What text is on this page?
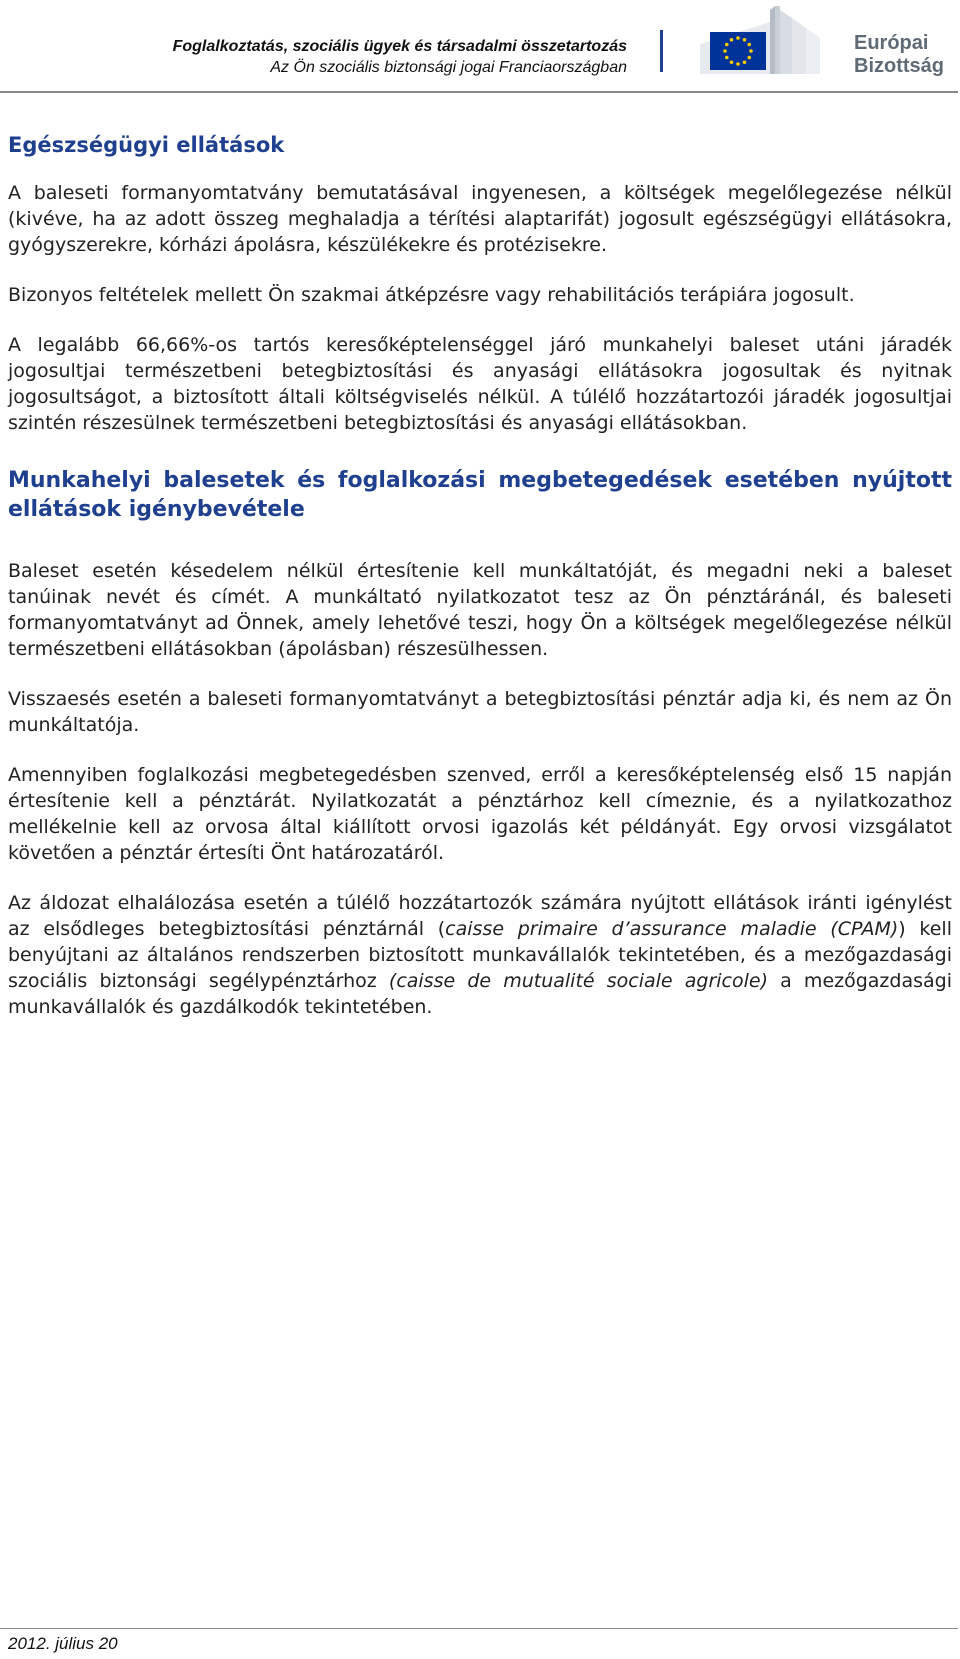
Foglalkoztatás, szociális ügyek és társadalmi összetartozás
Az Ön szociális biztonsági jogai Franciaországban
Európai
Bizottság
Egészségügyi ellátások

A baleseti formanyomtatvány bemutatásával ingyenesen, a költségek megelőlegezése nélkül (kivéve, ha az adott összeg meghaladja a térítési alaptarifát) jogosult egészségügyi ellátásokra, gyógyszerekre, kórházi ápolásra, készülékekre és protézisekre.

Bizonyos feltételek mellett Ön szakmai átképzésre vagy rehabilitációs terápiára jogosult.

A legalább 66,66%-os tartós keresőképtelenséggel járó munkahelyi baleset utáni járadék jogosultjai természetbeni betegbiztosítási és anyasági ellátásokra jogosultak és nyitnak jogosultságot, a biztosított általi költségviselés nélkül. A túlélő hozzátartozói járadék jogosultjai szintén részesülnek természetbeni betegbiztosítási és anyasági ellátásokban.

Munkahelyi balesetek és foglalkozási megbetegedések esetében nyújtott ellátások igénybevétele

Baleset esetén késedelem nélkül értesítenie kell munkáltatóját, és megadni neki a baleset tanúinak nevét és címét. A munkáltató nyilatkozatot tesz az Ön pénztáránál, és baleseti formanyomtatványt ad Önnek, amely lehetővé teszi, hogy Ön a költségek megelőlegezése nélkül természetbeni ellátásokban (ápolásban) részesülhessen.

Visszaesés esetén a baleseti formanyomtatványt a betegbiztosítási pénztár adja ki, és nem az Ön munkáltatója.

Amennyiben foglalkozási megbetegedésben szenved, erről a keresőképtelenség első 15 napján értesítenie kell a pénztárát. Nyilatkozatát a pénztárhoz kell címeznie, és a nyilatkozathoz mellékelnie kell az orvosa által kiállított orvosi igazolás két példányát. Egy orvosi vizsgálatot követően a pénztár értesíti Önt határozatáról.

Az áldozat elhalálozása esetén a túlélő hozzátartozók számára nyújtott ellátások iránti igénylést az elsődleges betegbiztosítási pénztárnál (caisse primaire d’assurance maladie (CPAM)) kell benyújtani az általános rendszerben biztosított munkavállalók tekintetében, és a mezőgazdasági szociális biztonsági segélypénztárhoz (caisse de mutualité sociale agricole) a mezőgazdasági munkavállalók és gazdálkodók tekintetében.

2012. július 20
